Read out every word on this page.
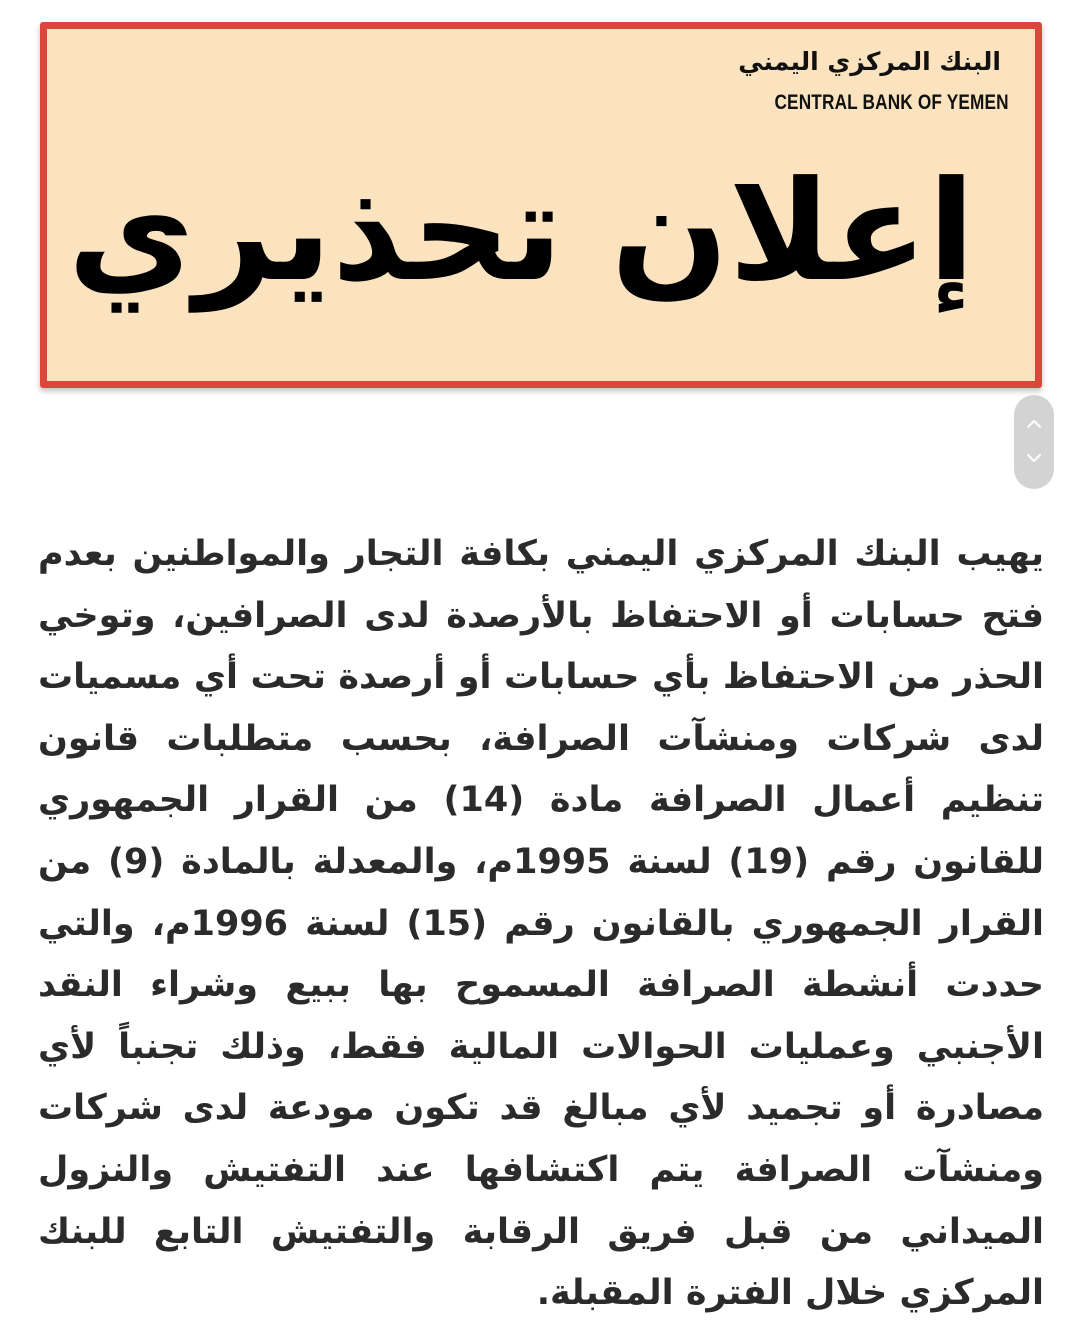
البنك المركزي اليمني
CENTRAL BANK OF YEMEN
إعلان تحذيري

يهيب البنك المركزي اليمني بكافة التجار والمواطنين بعدم فتح حسابات أو الاحتفاظ بالأرصدة لدى الصرافين، وتوخي الحذر من الاحتفاظ بأي حسابات أو أرصدة تحت أي مسميات لدى شركات ومنشآت الصرافة، بحسب متطلبات قانون تنظيم أعمال الصرافة مادة (14) من القرار الجمهوري للقانون رقم (19) لسنة 1995م، والمعدلة بالمادة (9) من القرار الجمهوري بالقانون رقم (15) لسنة 1996م، والتي حددت أنشطة الصرافة المسموح بها ببيع وشراء النقد الأجنبي وعمليات الحوالات المالية فقط، وذلك تجنباً لأي مصادرة أو تجميد لأي مبالغ قد تكون مودعة لدى شركات ومنشآت الصرافة يتم اكتشافها عند التفتيش والنزول الميداني من قبل فريق الرقابة والتفتيش التابع للبنك المركزي خلال الفترة المقبلة.
